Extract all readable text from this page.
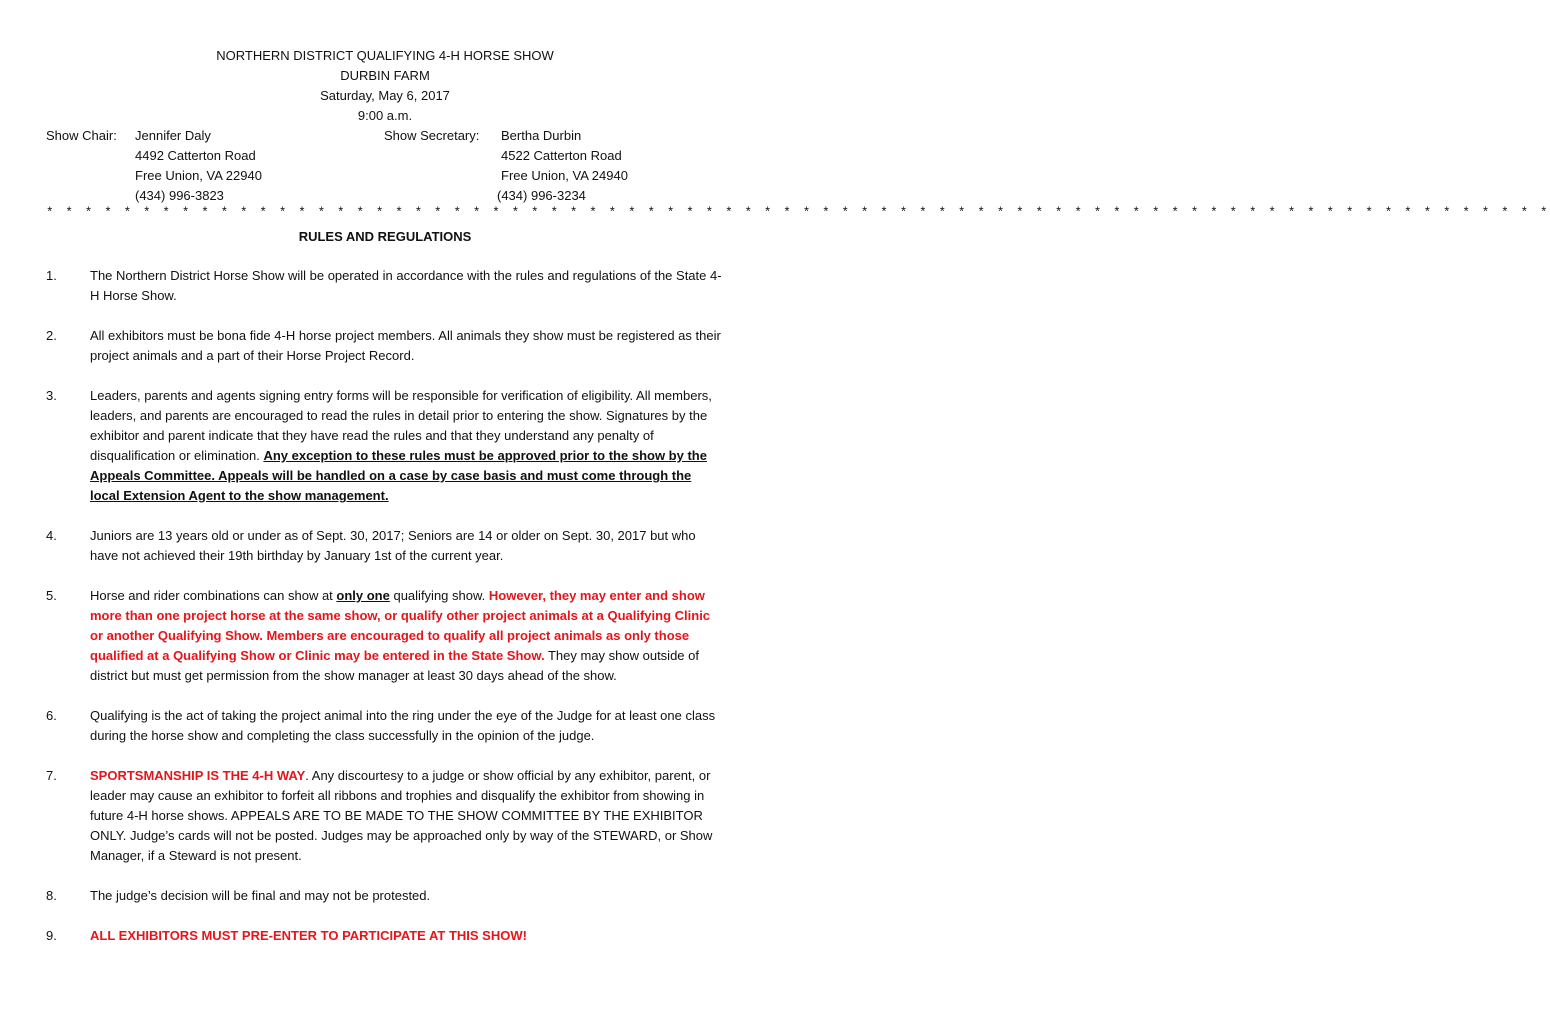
NORTHERN DISTRICT QUALIFYING 4-H HORSE SHOW
DURBIN FARM
Saturday, May 6, 2017
9:00 a.m.
Show Chair: Jennifer Daly
4492 Catterton Road
Free Union, VA 22940
(434) 996-3823
Show Secretary: Bertha Durbin
4522 Catterton Road
Free Union, VA 24940
(434) 996-3234
* * * * * * * * * * * * * * * * * * * * * * * * * * * * * * * * * * * * * * * * * * * * * * * * * * * * * * * * * * * * * * * * * * * * * * * * * * * * * *
RULES AND REGULATIONS
1.	The Northern District Horse Show will be operated in accordance with the rules and regulations of the State 4-H Horse Show.
2.	All exhibitors must be bona fide 4-H horse project members. All animals they show must be registered as their project animals and a part of their Horse Project Record.
3.	Leaders, parents and agents signing entry forms will be responsible for verification of eligibility. All members, leaders, and parents are encouraged to read the rules in detail prior to entering the show. Signatures by the exhibitor and parent indicate that they have read the rules and that they understand any penalty of disqualification or elimination. Any exception to these rules must be approved prior to the show by the Appeals Committee. Appeals will be handled on a case by case basis and must come through the local Extension Agent to the show management.
4.	Juniors are 13 years old or under as of Sept. 30, 2017; Seniors are 14 or older on Sept. 30, 2017 but who have not achieved their 19th birthday by January 1st of the current year.
5.	Horse and rider combinations can show at only one qualifying show. However, they may enter and show more than one project horse at the same show, or qualify other project animals at a Qualifying Clinic or another Qualifying Show. Members are encouraged to qualify all project animals as only those qualified at a Qualifying Show or Clinic may be entered in the State Show. They may show outside of district but must get permission from the show manager at least 30 days ahead of the show.
6.	Qualifying is the act of taking the project animal into the ring under the eye of the Judge for at least one class during the horse show and completing the class successfully in the opinion of the judge.
7.	SPORTSMANSHIP IS THE 4-H WAY. Any discourtesy to a judge or show official by any exhibitor, parent, or leader may cause an exhibitor to forfeit all ribbons and trophies and disqualify the exhibitor from showing in future 4-H horse shows. APPEALS ARE TO BE MADE TO THE SHOW COMMITTEE BY THE EXHIBITOR ONLY. Judge’s cards will not be posted. Judges may be approached only by way of the STEWARD, or Show Manager, if a Steward is not present.
8.	The judge’s decision will be final and may not be protested.
9.	ALL EXHIBITORS MUST PRE-ENTER TO PARTICIPATE AT THIS SHOW!
